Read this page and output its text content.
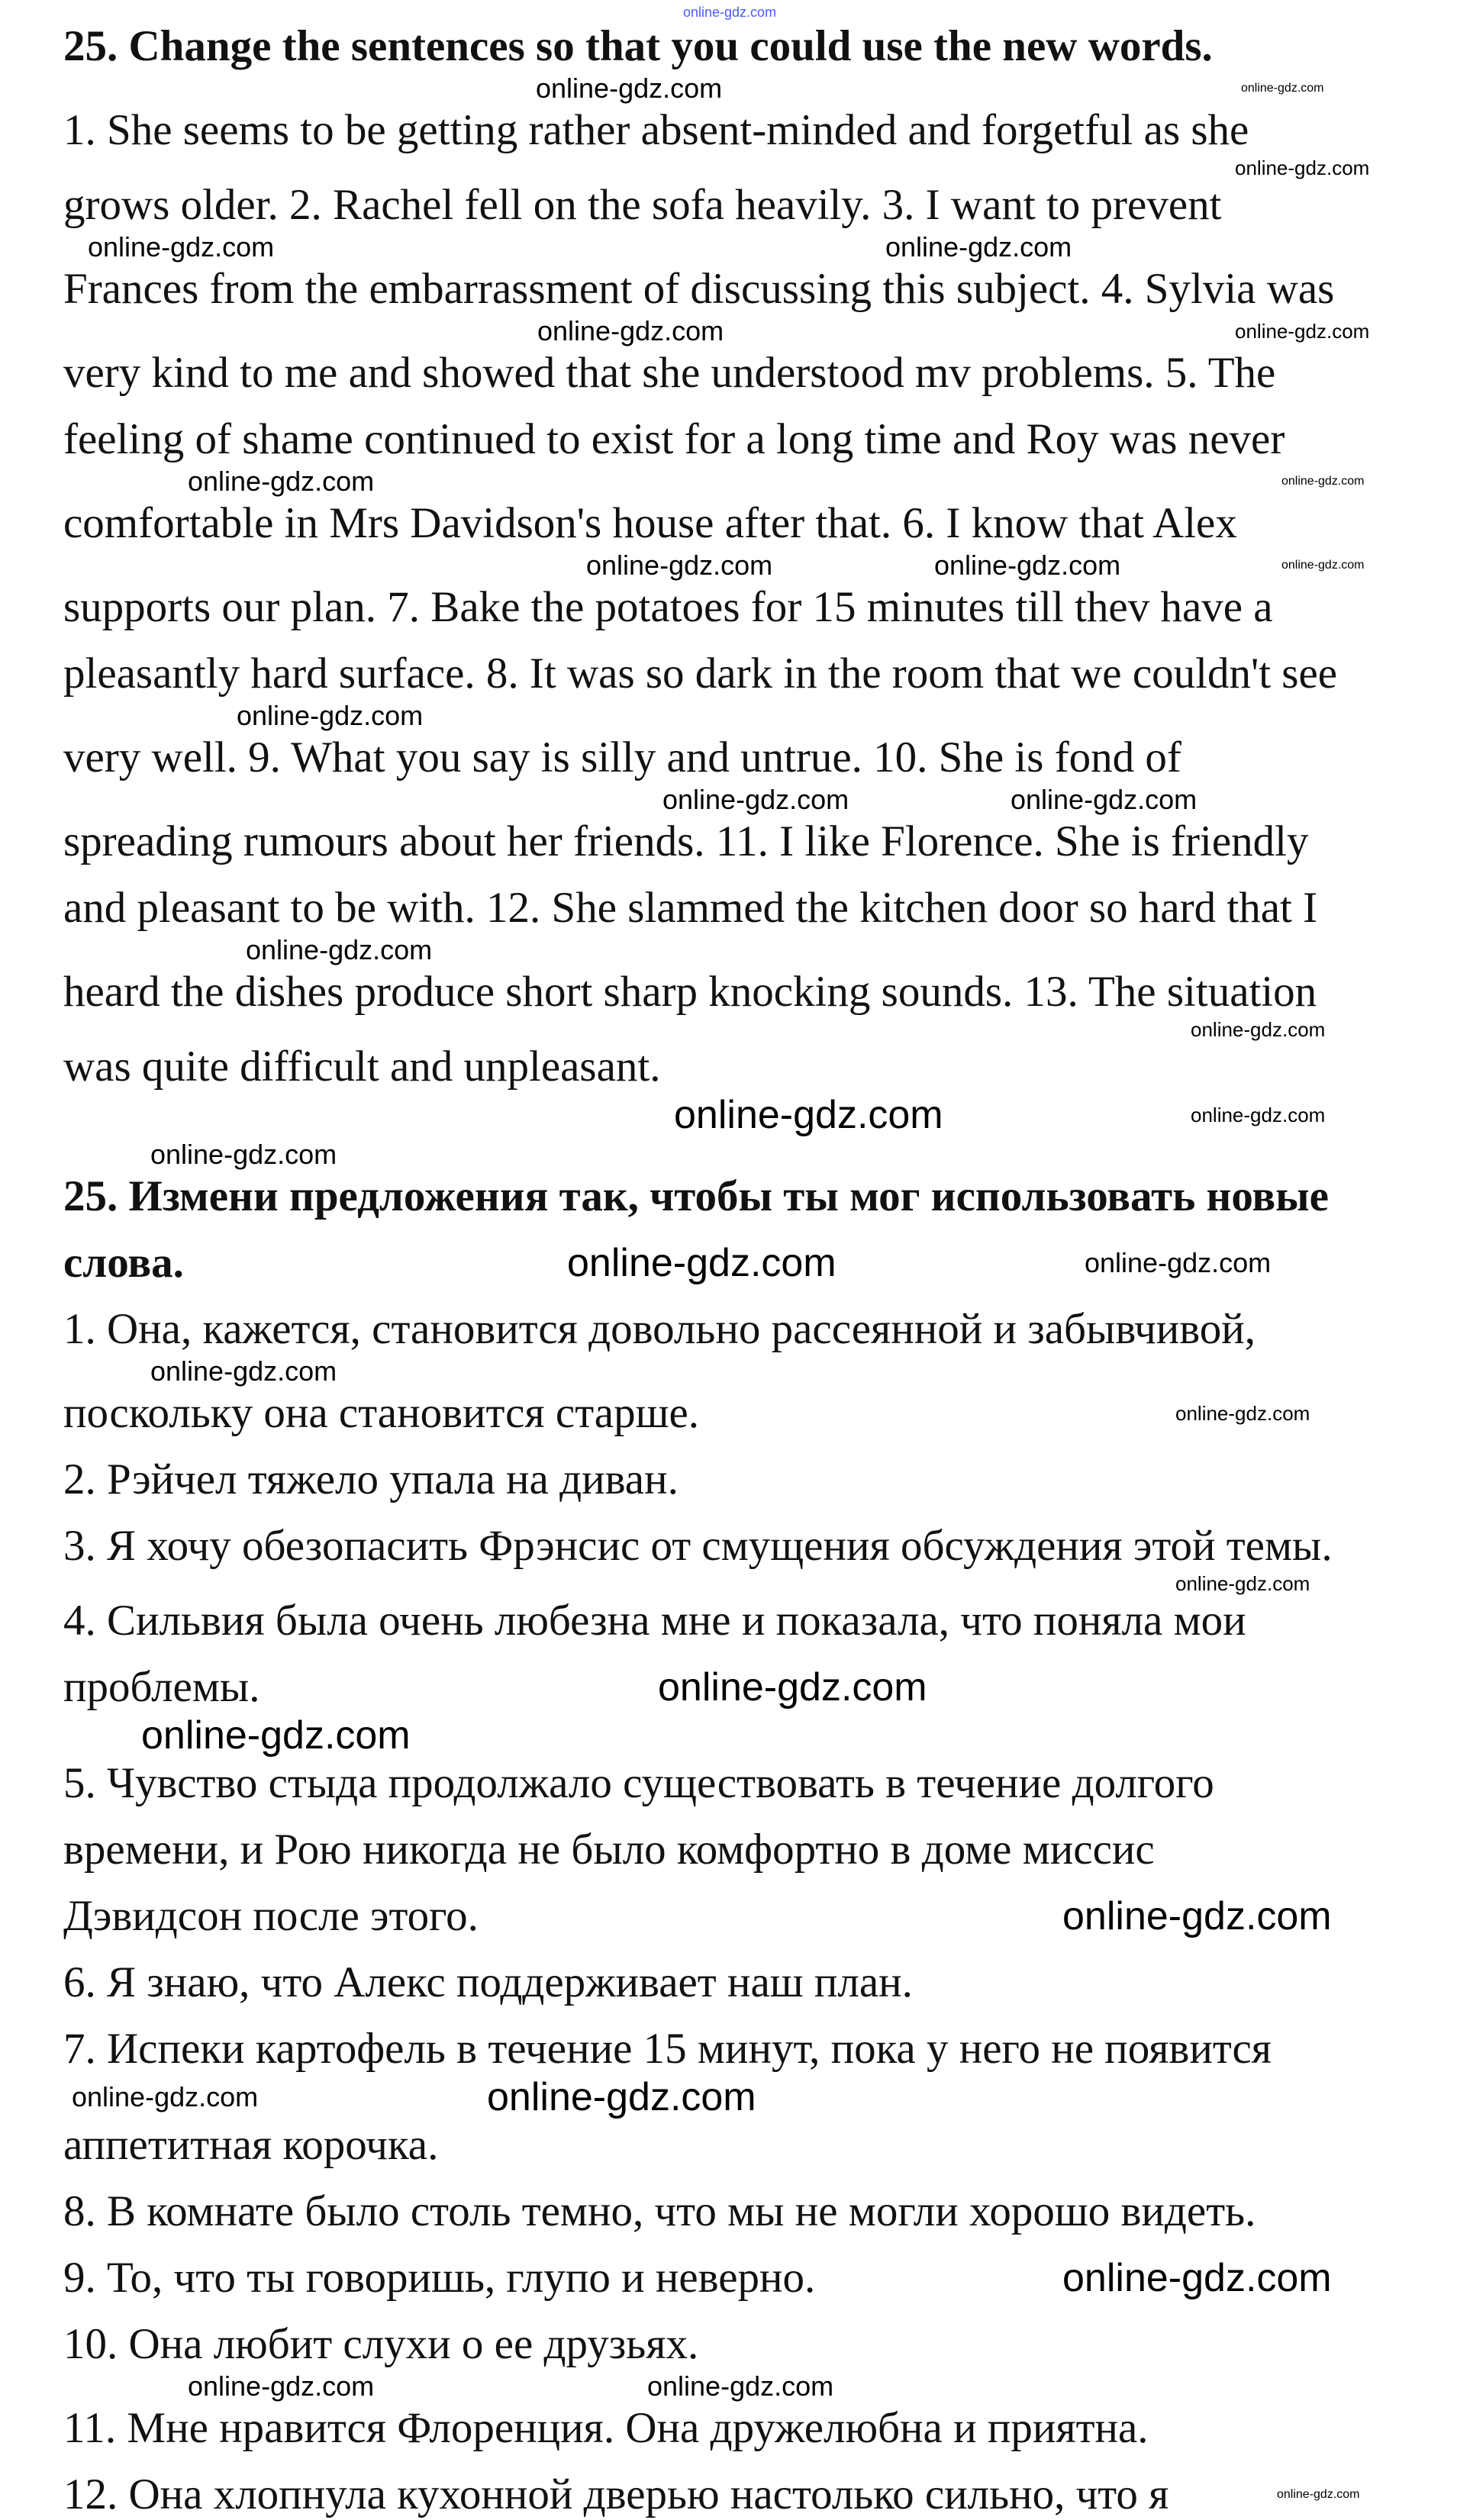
online-gdz.com
25. Change the sentences so that you could use the new words.
online-gdz.com
online-gdz.com
1. She seems to be getting rather absent-minded and forgetful as she
online-gdz.com
grows older. 2. Rachel fell on the sofa heavily. 3. I want to prevent
online-gdz.com	online-gdz.com
Frances from the embarrassment of discussing this subject. 4. Sylvia was
online-gdz.com	online-gdz.com
very kind to me and showed that she understood mv problems. 5. The
feeling of shame continued to exist for a long time and Roy was never
online-gdz.com	online-gdz.com
comfortable in Mrs Davidson's house after that. 6. I know that Alex
online-gdz.com	online-gdz.com	online-gdz.com
supports our plan. 7. Bake the potatoes for 15 minutes till thev have a
pleasantly hard surface. 8. It was so dark in the room that we couldn't see
online-gdz.com
very well. 9. What you say is silly and untrue. 10. She is fond of
online-gdz.com	online-gdz.com
spreading rumours about her friends. 11. I like Florence. She is friendly
and pleasant to be with. 12. She slammed the kitchen door so hard that I
online-gdz.com
heard the dishes produce short sharp knocking sounds. 13. The situation
online-gdz.com
was quite difficult and unpleasant.
online-gdz.com	online-gdz.com
online-gdz.com
25. Измени предложения так, чтобы ты мог использовать новые
слова.	online-gdz.com	online-gdz.com
1. Она, кажется, становится довольно рассеянной и забывчивой,
online-gdz.com
поскольку она становится старше.	online-gdz.com
2. Рэйчел тяжело упала на диван.
3. Я хочу обезопасить Фрэнсис от смущения обсуждения этой темы.
online-gdz.com
4. Сильвия была очень любезна мне и показала, что поняла мои
проблемы.	online-gdz.com
online-gdz.com
5. Чувство стыда продолжало существовать в течение долгого
времени, и Рою никогда не было комфортно в доме миссис
Дэвидсон после этого.	online-gdz.com
6. Я знаю, что Алекс поддерживает наш план.
7. Испеки картофель в течение 15 минут, пока у него не появится
online-gdz.com	online-gdz.com
аппетитная корочка.
8. В комнате было столь темно, что мы не могли хорошо видеть.
9. То, что ты говоришь, глупо и неверно.	online-gdz.com
10. Она любит слухи о ее друзьях.
online-gdz.com	online-gdz.com
11. Мне нравится Флоренция. Она дружелюбна и приятна.
12. Она хлопнула кухонной дверью настолько сильно, что я	online-gdz.com
